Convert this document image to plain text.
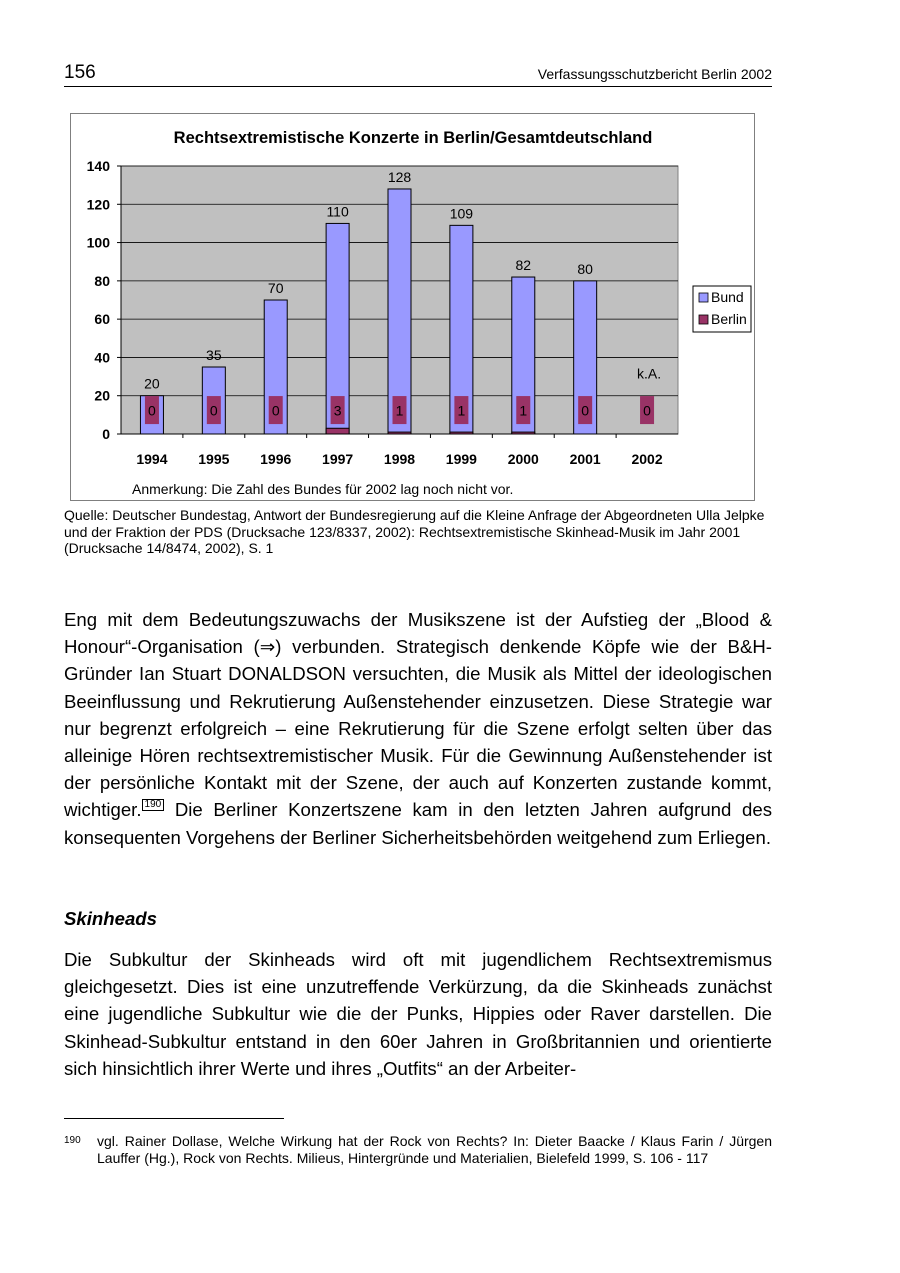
156	Verfassungsschutzbericht Berlin 2002
Rechtsextremistische Konzerte in Berlin/Gesamtdeutschland
0
20
40
60
80
100
120
140
20
0
1994
35
0
1995
70
0
1996
110
3
1997
128
1
1998
109
1
1999
82
1
2000
80
0
2001
k.A.
0
2002
Bund
Berlin
Anmerkung: Die Zahl des Bundes für 2002 lag noch nicht vor.
Quelle: Deutscher Bundestag, Antwort der Bundesregierung auf die Kleine Anfrage der Abgeordneten Ulla Jelpke und der Fraktion der PDS (Drucksache 123/8337, 2002): Rechtsextremistische Skinhead-Musik im Jahr 2001 (Drucksache 14/8474, 2002), S. 1

Eng mit dem Bedeutungszuwachs der Musikszene ist der Aufstieg der „Blood & Honour“-Organisation (⇒) verbunden. Strategisch denkende Köpfe wie der B&H-Gründer Ian Stuart DONALDSON versuchten, die Musik als Mittel der ideologischen Beeinflussung und Rekrutierung Außenstehender einzusetzen. Diese Strategie war nur begrenzt erfolgreich – eine Rekrutierung für die Szene erfolgt selten über das alleinige Hören rechtsextremistischer Musik. Für die Gewinnung Außenstehender ist der persönliche Kontakt mit der Szene, der auch auf Konzerten zustande kommt, wichtiger. 190 Die Berliner Konzertszene kam in den letzten Jahren aufgrund des konsequenten Vorgehens der Berliner Sicherheitsbehörden weitgehend zum Erliegen.

Skinheads

Die Subkultur der Skinheads wird oft mit jugendlichem Rechtsextremismus gleichgesetzt. Dies ist eine unzutreffende Verkürzung, da die Skinheads zunächst eine jugendliche Subkultur wie die der Punks, Hippies oder Raver darstellen. Die Skinhead-Subkultur entstand in den 60er Jahren in Großbritannien und orientierte sich hinsichtlich ihrer Werte und ihres „Outfits“ an der Arbeiter-

190 vgl. Rainer Dollase, Welche Wirkung hat der Rock von Rechts? In: Dieter Baacke / Klaus Farin / Jürgen Lauffer (Hg.), Rock von Rechts. Milieus, Hintergründe und Materialien, Bielefeld 1999, S. 106 - 117
